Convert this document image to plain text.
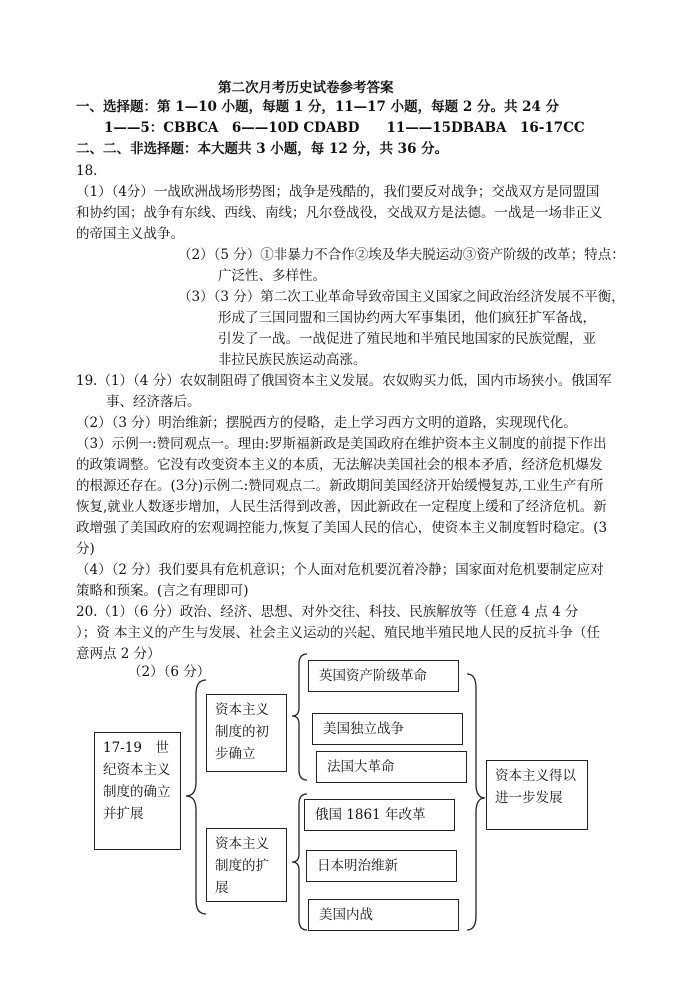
第二次月考历史试卷参考答案
一、选择题：第 1—10 小题，每题 1 分，11—17 小题，每题 2 分。共 24 分
1——5：CBBCA　6——10D CDABD　　11——15DBABA　16-17CC
二、二、非选择题：本大题共 3 小题，每 12 分，共 36 分。
18.
（1）（4分）一战欧洲战场形势图；战争是残酷的，我们要反对战争；交战双方是同盟国
和协约国；战争有东线、西线、南线；凡尔登战役，交战双方是法德。一战是一场非正义
的帝国主义战争。
（2）（5 分）①非暴力不合作②埃及华夫脱运动③资产阶级的改革；特点：
广泛性、多样性。
（3）（3 分）第二次工业革命导致帝国主义国家之间政治经济发展不平衡，
形成了三国同盟和三国协约两大军事集团，他们疯狂扩军备战，
引发了一战。一战促进了殖民地和半殖民地国家的民族觉醒，亚
非拉民族民族运动高涨。
19.（1）（4 分）农奴制阻碍了俄国资本主义发展。农奴购买力低，国内市场狭小。俄国军
事、经济落后。
（2）（3 分）明治维新；摆脱西方的侵略，走上学习西方文明的道路，实现现代化。
（3）示例一:赞同观点一。理由:罗斯福新政是美国政府在维护资本主义制度的前提下作出
的政策调整。它没有改变资本主义的本质，无法解决美国社会的根本矛盾，经济危机爆发
的根源还存在。(3分)示例二:赞同观点二。新政期间美国经济开始缓慢复苏,工业生产有所
恢复,就业人数逐步增加，人民生活得到改善，因此新政在一定程度上缓和了经济危机。新
政增强了美国政府的宏观调控能力,恢复了美国人民的信心，使资本主义制度暂时稳定。(3
分)
（4）（2 分）我们要具有危机意识；个人面对危机要沉着冷静；国家面对危机要制定应对
策略和预案。(言之有理即可)
20.（1）（6 分）政治、经济、思想、对外交往、科技、民族解放等（任意 4 点 4 分
）；资 本主义的产生与发展、社会主义运动的兴起、殖民地半殖民地人民的反抗斗争（任
意两点 2 分）
（2）（6 分）
17-19　世纪资本主义制度的确立并扩展
资本主义制度的初步确立
资本主义制度的扩展
英国资产阶级革命
美国独立战争
法国大革命
俄国 1861 年改革
日本明治维新
美国内战
资本主义得以进一步发展
